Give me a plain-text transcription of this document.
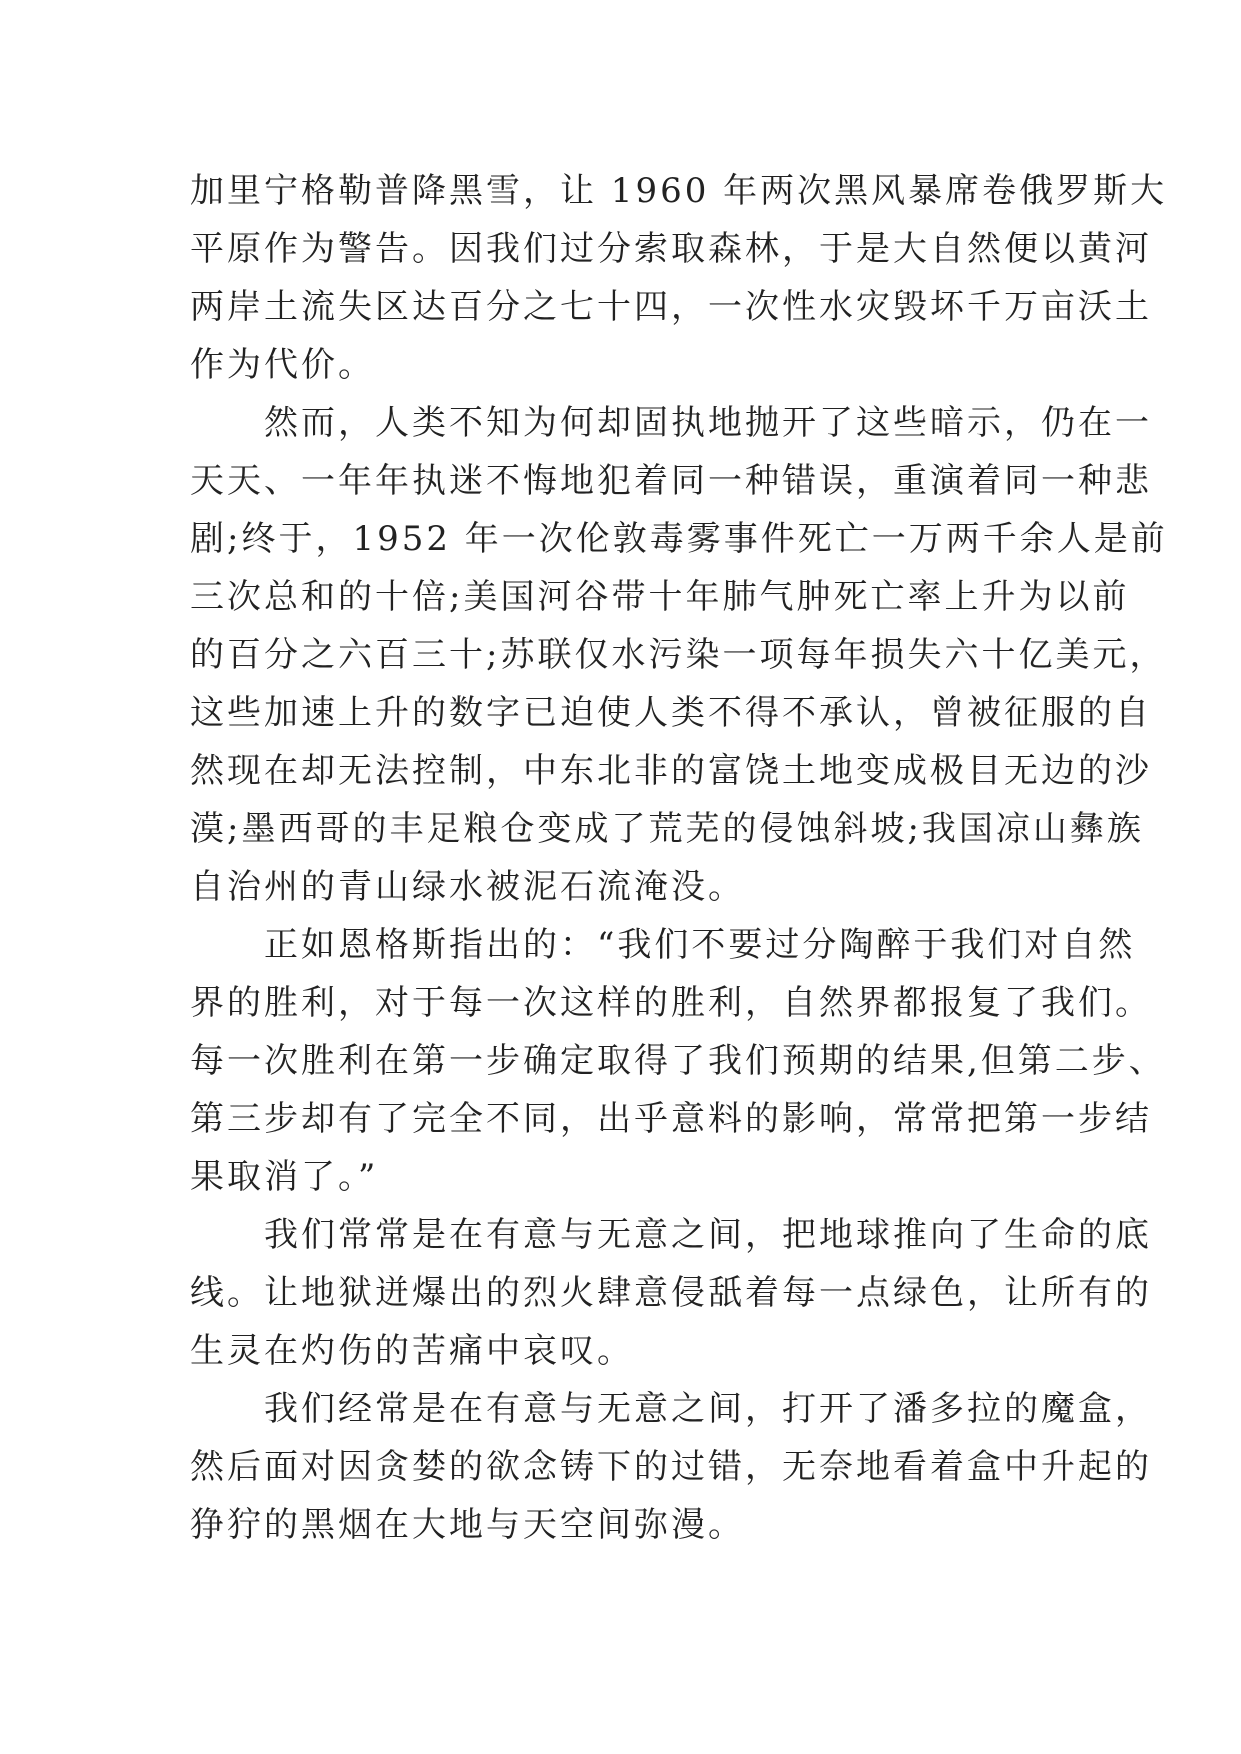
加里宁格勒普降黑雪，让 1960 年两次黑风暴席卷俄罗斯大
平原作为警告。因我们过分索取森林，于是大自然便以黄河
两岸土流失区达百分之七十四，一次性水灾毁坏千万亩沃土
作为代价。
　　然而，人类不知为何却固执地抛开了这些暗示，仍在一
天天、一年年执迷不悔地犯着同一种错误，重演着同一种悲
剧;终于，1952 年一次伦敦毒雾事件死亡一万两千余人是前
三次总和的十倍;美国河谷带十年肺气肿死亡率上升为以前
的百分之六百三十;苏联仅水污染一项每年损失六十亿美元，
这些加速上升的数字已迫使人类不得不承认，曾被征服的自
然现在却无法控制，中东北非的富饶土地变成极目无边的沙
漠;墨西哥的丰足粮仓变成了荒芜的侵蚀斜坡;我国凉山彝族
自治州的青山绿水被泥石流淹没。
　　正如恩格斯指出的：“我们不要过分陶醉于我们对自然
界的胜利，对于每一次这样的胜利，自然界都报复了我们。
每一次胜利在第一步确定取得了我们预期的结果,但第二步、
第三步却有了完全不同，出乎意料的影响，常常把第一步结
果取消了。”
　　我们常常是在有意与无意之间，把地球推向了生命的底
线。让地狱迸爆出的烈火肆意侵舐着每一点绿色，让所有的
生灵在灼伤的苦痛中哀叹。
　　我们经常是在有意与无意之间，打开了潘多拉的魔盒，
然后面对因贪婪的欲念铸下的过错，无奈地看着盒中升起的
狰狞的黑烟在大地与天空间弥漫。
